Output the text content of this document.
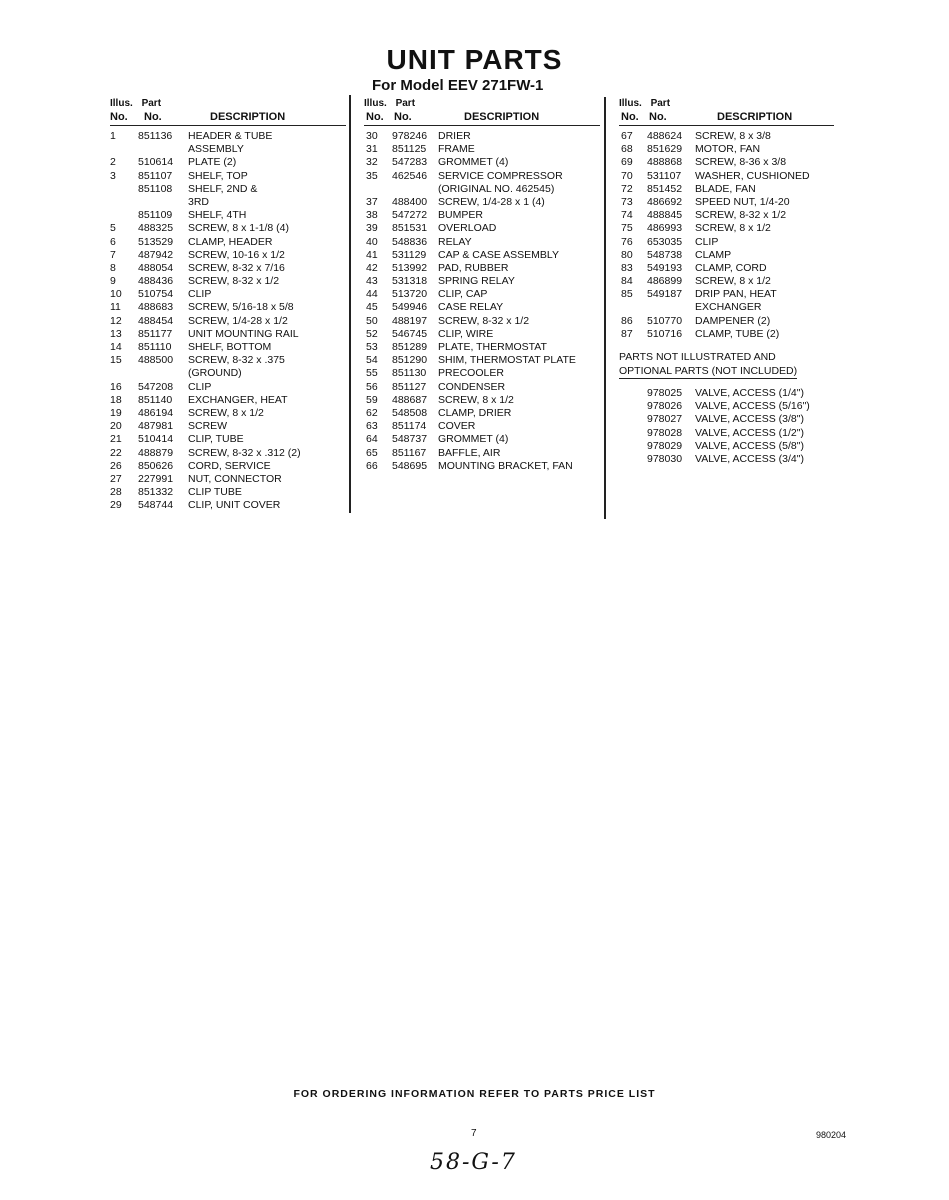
UNIT PARTS
For Model EEV 271FW-1
Illus. Part
No. No.	DESCRIPTION
1 851136 HEADER & TUBE
ASSEMBLY
2 510614 PLATE (2)
3 851107 SHELF, TOP
851108 SHELF, 2ND &
3RD
851109 SHELF, 4TH
5 488325 SCREW, 8 x 1-1/8 (4)
6 513529 CLAMP, HEADER
7 487942 SCREW, 10-16 x 1/2
8 488054 SCREW, 8-32 x 7/16
9 488436 SCREW, 8-32 x 1/2
10 510754 CLIP
11 488683 SCREW, 5/16-18 x 5/8
12 488454 SCREW, 1/4-28 x 1/2
13 851177 UNIT MOUNTING RAIL
14 851110 SHELF, BOTTOM
15 488500 SCREW, 8-32 x .375
(GROUND)
16 547208 CLIP
18 851140 EXCHANGER, HEAT
19 486194 SCREW, 8 x 1/2
20 487981 SCREW
21 510414 CLIP, TUBE
22 488879 SCREW, 8-32 x .312 (2)
26 850626 CORD, SERVICE
27 227991 NUT, CONNECTOR
28 851332 CLIP TUBE
29 548744 CLIP, UNIT COVER
Illus. Part
No. No.	DESCRIPTION
30 978246 DRIER
31 851125 FRAME
32 547283 GROMMET (4)
35 462546 SERVICE COMPRESSOR
(ORIGINAL NO. 462545)
37 488400 SCREW, 1/4-28 x 1 (4)
38 547272 BUMPER
39 851531 OVERLOAD
40 548836 RELAY
41 531129 CAP & CASE ASSEMBLY
42 513992 PAD, RUBBER
43 531318 SPRING RELAY
44 513720 CLIP, CAP
45 549946 CASE RELAY
50 488197 SCREW, 8-32 x 1/2
52 546745 CLIP, WIRE
53 851289 PLATE, THERMOSTAT
54 851290 SHIM, THERMOSTAT PLATE
55 851130 PRECOOLER
56 851127 CONDENSER
59 488687 SCREW, 8 x 1/2
62 548508 CLAMP, DRIER
63 851174 COVER
64 548737 GROMMET (4)
65 851167 BAFFLE, AIR
66 548695 MOUNTING BRACKET, FAN
Illus. Part
No. No.	DESCRIPTION
67 488624 SCREW, 8 x 3/8
68 851629 MOTOR, FAN
69 488868 SCREW, 8-36 x 3/8
70 531107 WASHER, CUSHIONED
72 851452 BLADE, FAN
73 486692 SPEED NUT, 1/4-20
74 488845 SCREW, 8-32 x 1/2
75 486993 SCREW, 8 x 1/2
76 653035 CLIP
80 548738 CLAMP
83 549193 CLAMP, CORD
84 486899 SCREW, 8 x 1/2
85 549187 DRIP PAN, HEAT
EXCHANGER
86 510770 DAMPENER (2)
87 510716 CLAMP, TUBE (2)
PARTS NOT ILLUSTRATED AND
OPTIONAL PARTS (NOT INCLUDED)
978025 VALVE, ACCESS (1/4")
978026 VALVE, ACCESS (5/16")
978027 VALVE, ACCESS (3/8")
978028 VALVE, ACCESS (1/2")
978029 VALVE, ACCESS (5/8")
978030 VALVE, ACCESS (3/4")
FOR ORDERING INFORMATION REFER TO PARTS PRICE LIST
7	980204
58-G-7
